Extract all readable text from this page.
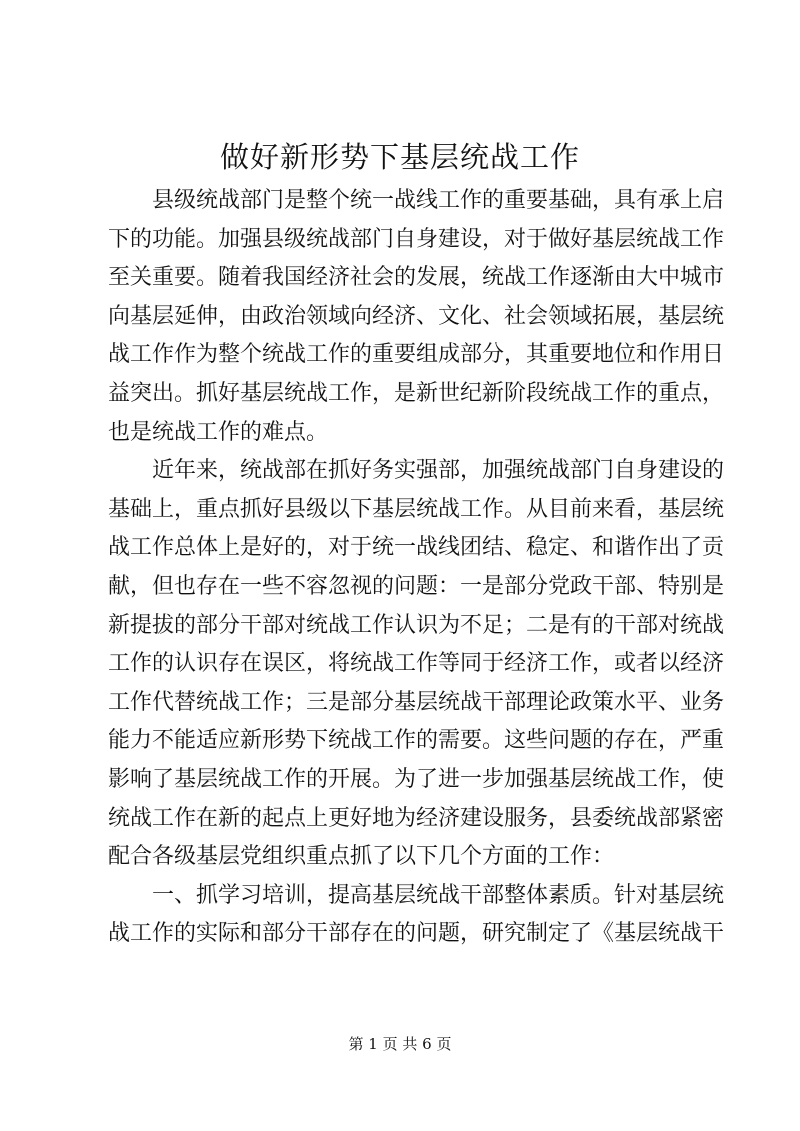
做好新形势下基层统战工作
县级统战部门是整个统一战线工作的重要基础，具有承上启
下的功能。加强县级统战部门自身建设，对于做好基层统战工作
至关重要。随着我国经济社会的发展，统战工作逐渐由大中城市
向基层延伸，由政治领域向经济、文化、社会领域拓展，基层统
战工作作为整个统战工作的重要组成部分，其重要地位和作用日
益突出。抓好基层统战工作，是新世纪新阶段统战工作的重点，
也是统战工作的难点。
近年来，统战部在抓好务实强部，加强统战部门自身建设的
基础上，重点抓好县级以下基层统战工作。从目前来看，基层统
战工作总体上是好的，对于统一战线团结、稳定、和谐作出了贡
献，但也存在一些不容忽视的问题：一是部分党政干部、特别是
新提拔的部分干部对统战工作认识为不足；二是有的干部对统战
工作的认识存在误区，将统战工作等同于经济工作，或者以经济
工作代替统战工作；三是部分基层统战干部理论政策水平、业务
能力不能适应新形势下统战工作的需要。这些问题的存在，严重
影响了基层统战工作的开展。为了进一步加强基层统战工作，使
统战工作在新的起点上更好地为经济建设服务，县委统战部紧密
配合各级基层党组织重点抓了以下几个方面的工作：
一、抓学习培训，提高基层统战干部整体素质。针对基层统
战工作的实际和部分干部存在的问题，研究制定了《基层统战干
第 1 页 共 6 页
